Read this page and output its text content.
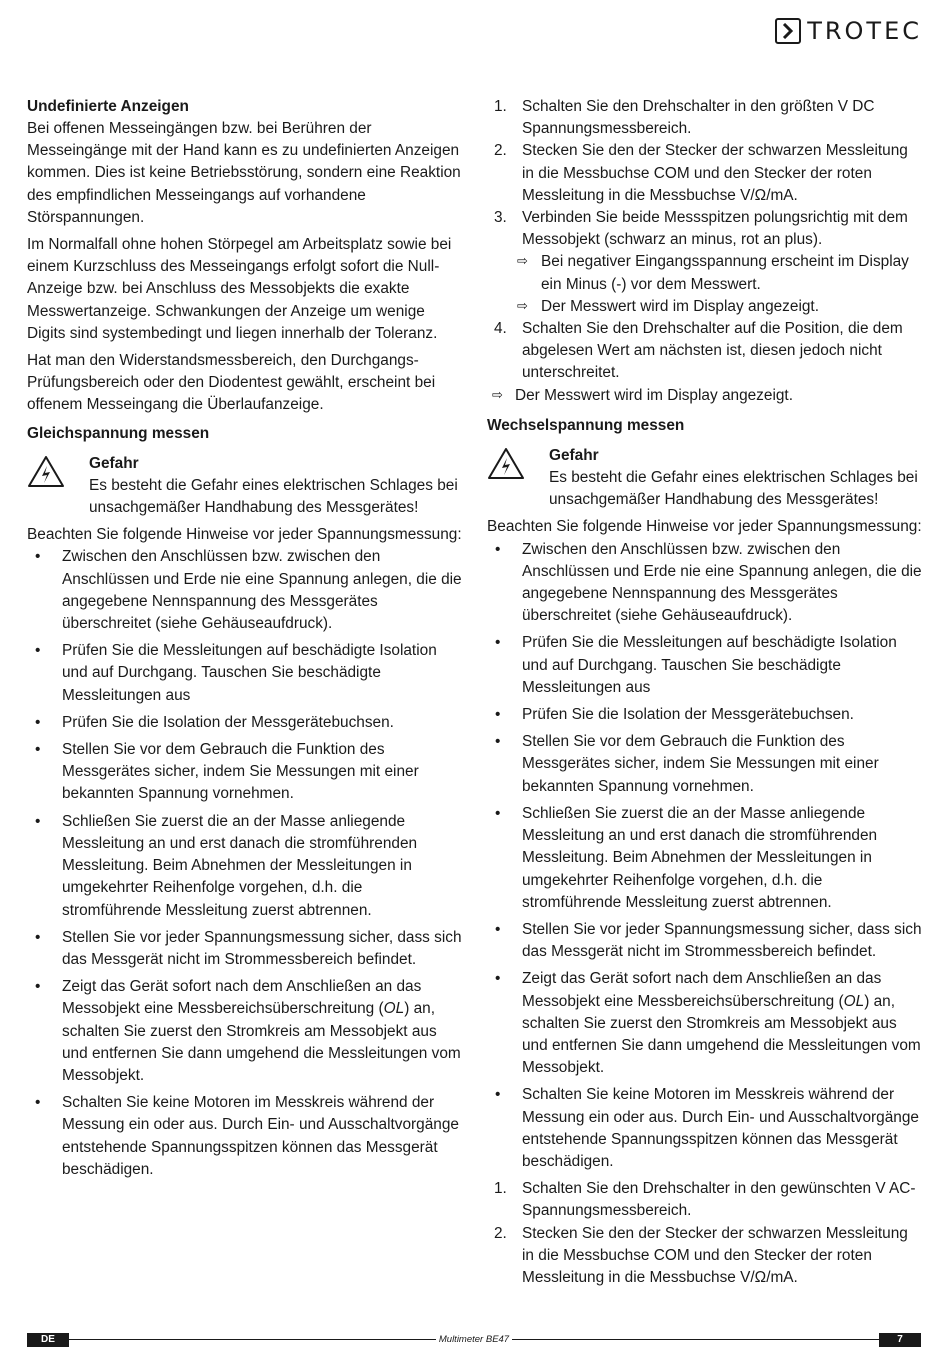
TROTEC
Undefinierte Anzeigen

Bei offenen Messeingängen bzw. bei Berühren der Messeingänge mit der Hand kann es zu undefinierten Anzeigen kommen. Dies ist keine Betriebsstörung, sondern eine Reaktion des empfindlichen Messeingangs auf vorhandene Störspannungen.

Im Normalfall ohne hohen Störpegel am Arbeitsplatz sowie bei einem Kurzschluss des Messeingangs erfolgt sofort die Null-Anzeige bzw. bei Anschluss des Messobjekts die exakte Messwertanzeige. Schwankungen der Anzeige um wenige Digits sind systembedingt und liegen innerhalb der Toleranz.

Hat man den Widerstandsmessbereich, den Durchgangs-Prüfungsbereich oder den Diodentest gewählt, erscheint bei offenem Messeingang die Überlaufanzeige.

Gleichspannung messen
Gefahr
Es besteht die Gefahr eines elektrischen Schlages bei unsachgemäßer Handhabung des Messgerätes!

Beachten Sie folgende Hinweise vor jeder Spannungsmessung:

• Zwischen den Anschlüssen bzw. zwischen den Anschlüssen und Erde nie eine Spannung anlegen, die die angegebene Nennspannung des Messgerätes überschreitet (siehe Gehäuseaufdruck).
• Prüfen Sie die Messleitungen auf beschädigte Isolation und auf Durchgang. Tauschen Sie beschädigte Messleitungen aus
• Prüfen Sie die Isolation der Messgerätebuchsen.
• Stellen Sie vor dem Gebrauch die Funktion des Messgerätes sicher, indem Sie Messungen mit einer bekannten Spannung vornehmen.
• Schließen Sie zuerst die an der Masse anliegende Messleitung an und erst danach die stromführenden Messleitung. Beim Abnehmen der Messleitungen in umgekehrter Reihenfolge vorgehen, d.h. die stromführende Messleitung zuerst abtrennen.
• Stellen Sie vor jeder Spannungsmessung sicher, dass sich das Messgerät nicht im Strommessbereich befindet.
• Zeigt das Gerät sofort nach dem Anschließen an das Messobjekt eine Messbereichsüberschreitung (OL) an, schalten Sie zuerst den Stromkreis am Messobjekt aus und entfernen Sie dann umgehend die Messleitungen vom Messobjekt.
• Schalten Sie keine Motoren im Messkreis während der Messung ein oder aus. Durch Ein- und Ausschaltvorgänge entstehende Spannungsspitzen können das Messgerät beschädigen.
1. Schalten Sie den Drehschalter in den größten V DC Spannungsmessbereich.
2. Stecken Sie den der Stecker der schwarzen Messleitung in die Messbuchse COM und den Stecker der roten Messleitung in die Messbuchse V/Ω/mA.
3. Verbinden Sie beide Messspitzen polungsrichtig mit dem Messobjekt (schwarz an minus, rot an plus).
⇨ Bei negativer Eingangsspannung erscheint im Display ein Minus (-) vor dem Messwert.
⇨ Der Messwert wird im Display angezeigt.
4. Schalten Sie den Drehschalter auf die Position, die dem abgelesen Wert am nächsten ist, diesen jedoch nicht unterschreitet.
⇨ Der Messwert wird im Display angezeigt.
Wechselspannung messen
Gefahr
Es besteht die Gefahr eines elektrischen Schlages bei unsachgemäßer Handhabung des Messgerätes!

Beachten Sie folgende Hinweise vor jeder Spannungsmessung:

• Zwischen den Anschlüssen bzw. zwischen den Anschlüssen und Erde nie eine Spannung anlegen, die die angegebene Nennspannung des Messgerätes überschreitet (siehe Gehäuseaufdruck).
• Prüfen Sie die Messleitungen auf beschädigte Isolation und auf Durchgang. Tauschen Sie beschädigte Messleitungen aus
• Prüfen Sie die Isolation der Messgerätebuchsen.
• Stellen Sie vor dem Gebrauch die Funktion des Messgerätes sicher, indem Sie Messungen mit einer bekannten Spannung vornehmen.
• Schließen Sie zuerst die an der Masse anliegende Messleitung an und erst danach die stromführenden Messleitung. Beim Abnehmen der Messleitungen in umgekehrter Reihenfolge vorgehen, d.h. die stromführende Messleitung zuerst abtrennen.
• Stellen Sie vor jeder Spannungsmessung sicher, dass sich das Messgerät nicht im Strommessbereich befindet.
• Zeigt das Gerät sofort nach dem Anschließen an das Messobjekt eine Messbereichsüberschreitung (OL) an, schalten Sie zuerst den Stromkreis am Messobjekt aus und entfernen Sie dann umgehend die Messleitungen vom Messobjekt.
• Schalten Sie keine Motoren im Messkreis während der Messung ein oder aus. Durch Ein- und Ausschaltvorgänge entstehende Spannungsspitzen können das Messgerät beschädigen.
1. Schalten Sie den Drehschalter in den gewünschten V AC-Spannungsmessbereich.
2. Stecken Sie den der Stecker der schwarzen Messleitung in die Messbuchse COM und den Stecker der roten Messleitung in die Messbuchse V/Ω/mA.
Multimeter BE47
DE	7
